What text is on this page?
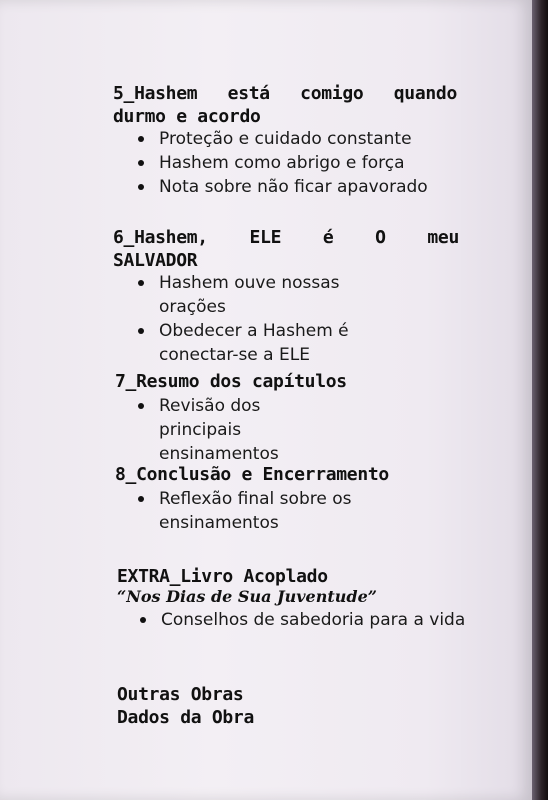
5_Hashem está comigo quando
durmo e acordo
Proteção e cuidado constante
Hashem como abrigo e força
Nota sobre não ficar apavorado
6_Hashem, ELE é O meu
SALVADOR
Hashem ouve nossas orações
Obedecer a Hashem é conectar-se a ELE
7_Resumo dos capítulos
Revisão dos principais ensinamentos
8_Conclusão e Encerramento
Reflexão final sobre os ensinamentos
EXTRA_Livro Acoplado
“Nos Dias de Sua Juventude”
Conselhos de sabedoria para a vida
Outras Obras
Dados da Obra
